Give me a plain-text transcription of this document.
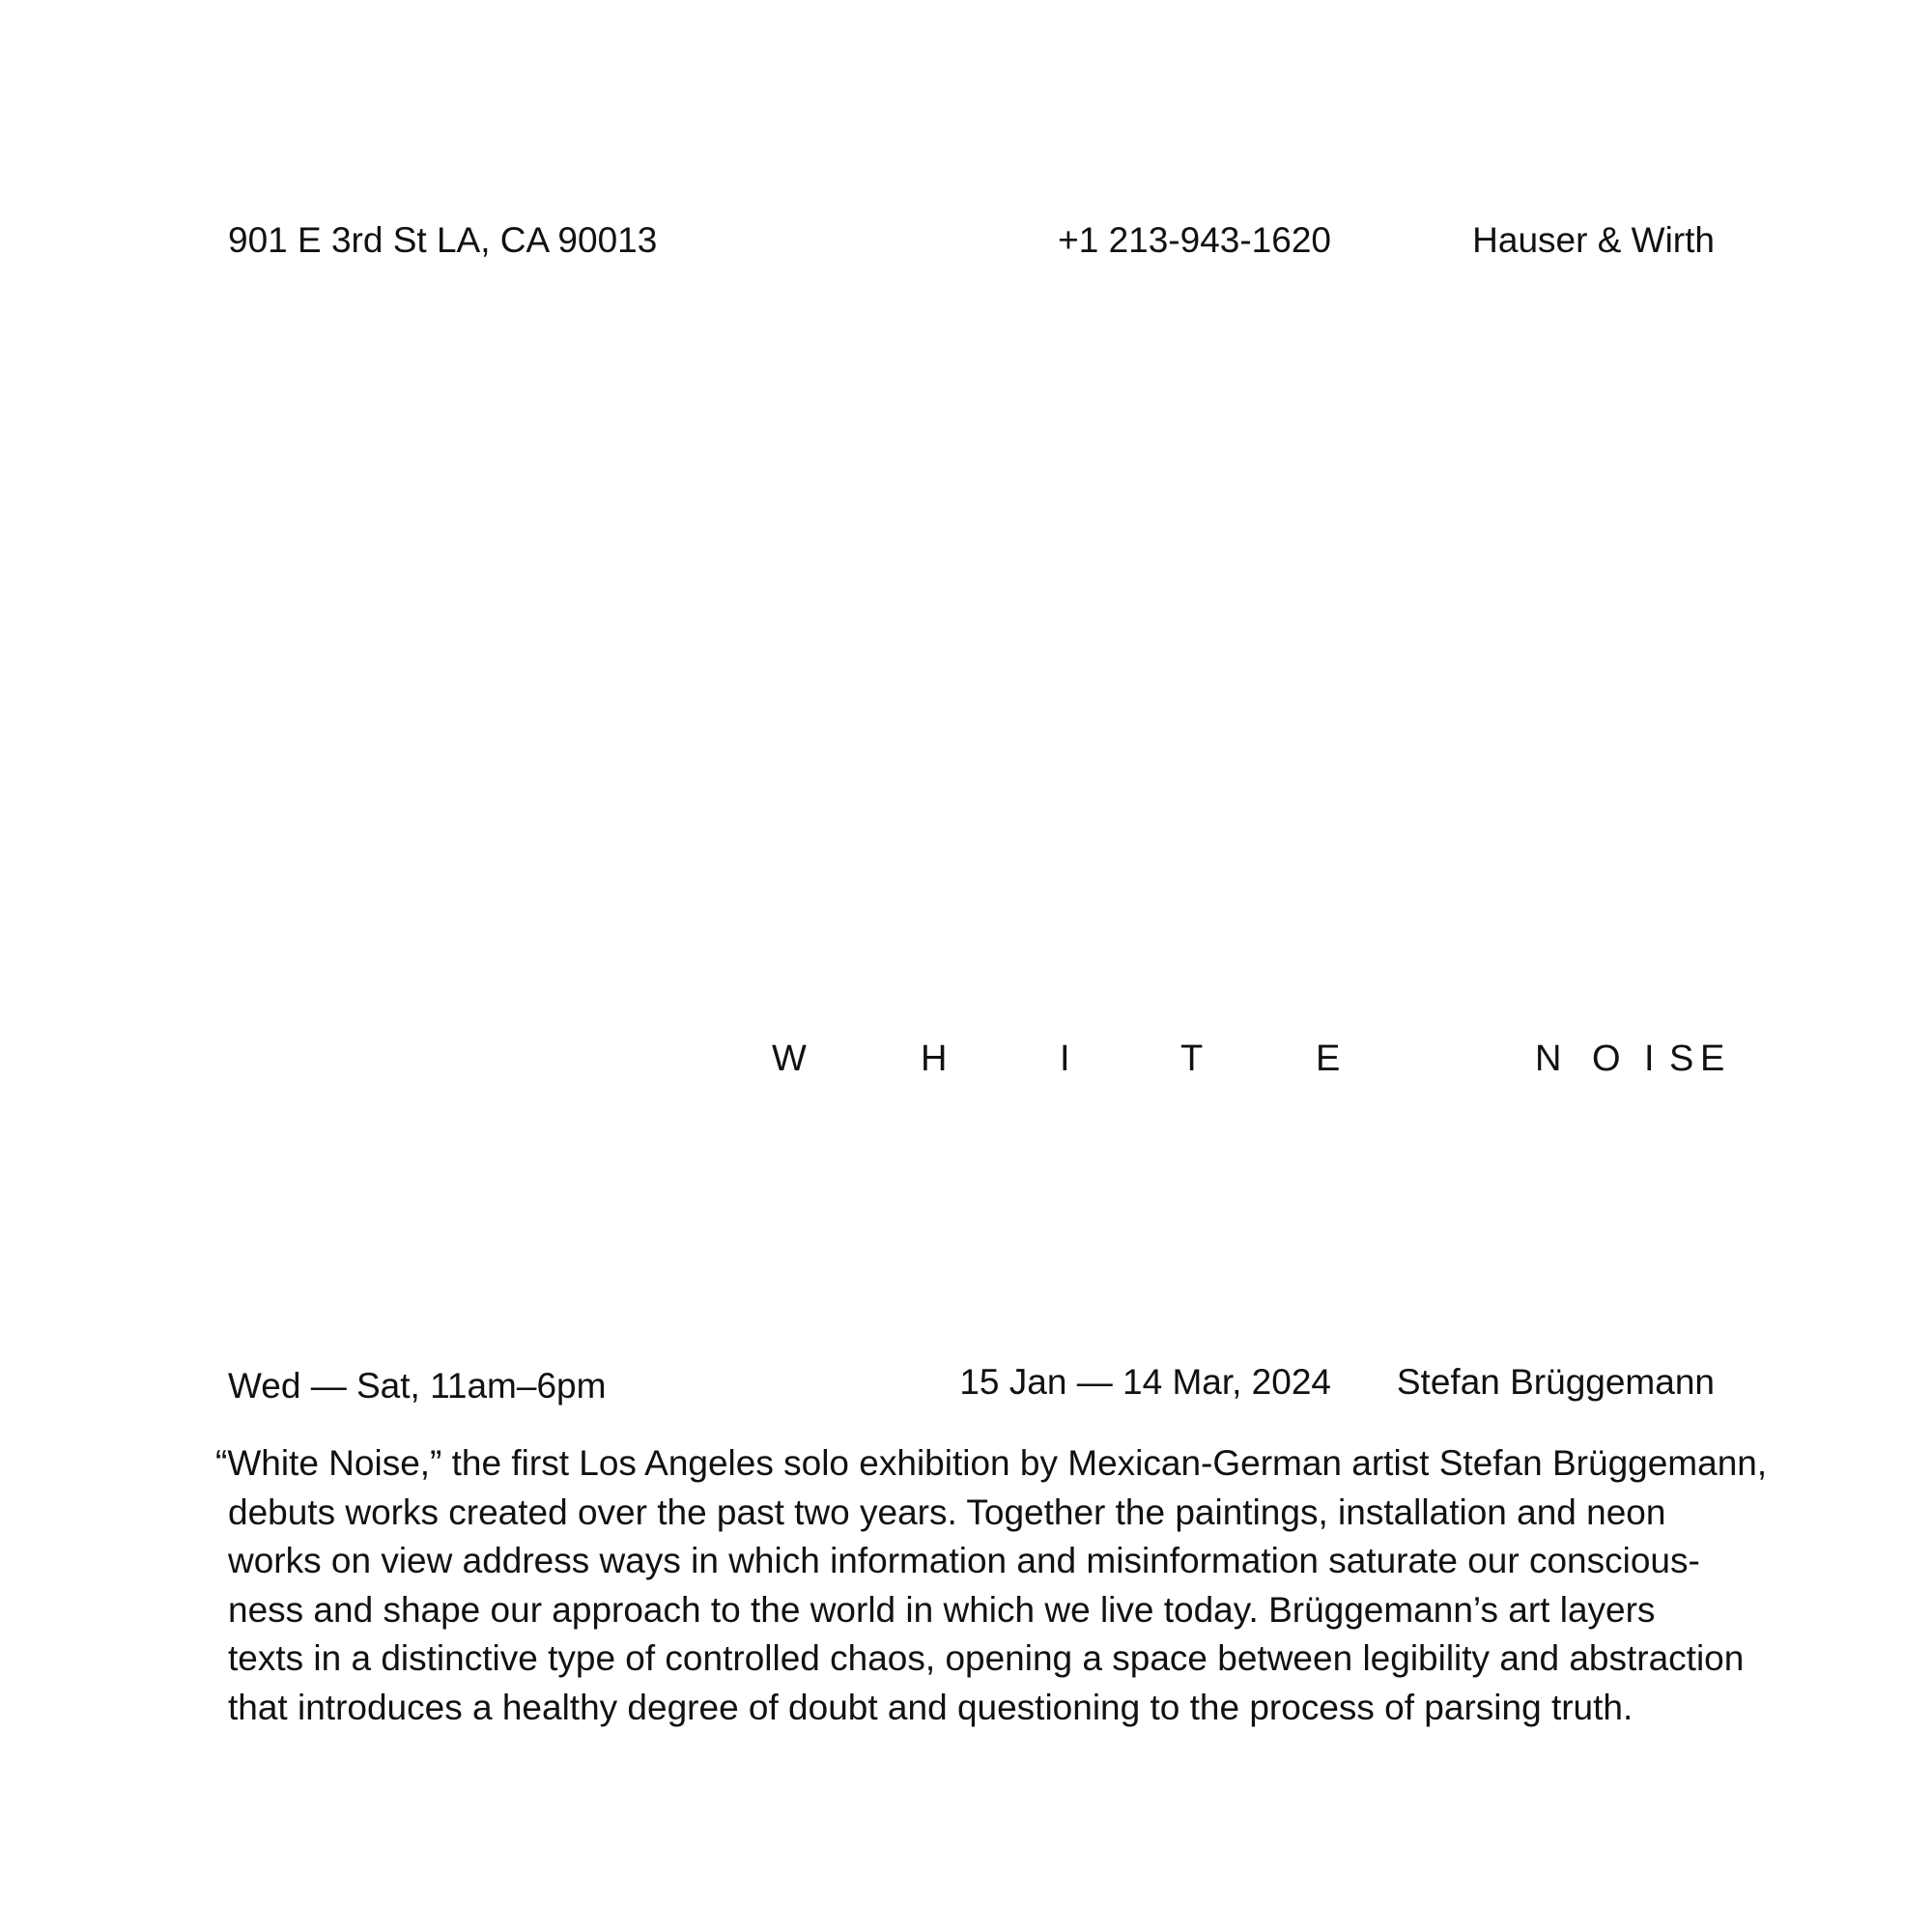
901 E 3rd St LA, CA 90013	+1 213-943-1620	Hauser & Wirth
W	H	I	T	E	N O I S E
Wed — Sat, 11am–6pm	15 Jan — 14 Mar, 2024 Stefan Brüggemann
“White Noise,” the first Los Angeles solo exhibition by Mexican-German artist Stefan Brüggemann,
debuts works created over the past two years. Together the paintings, installation and neon
works on view address ways in which information and misinformation saturate our conscious-
ness and shape our approach to the world in which we live today. Brüggemann’s art layers
texts in a distinctive type of controlled chaos, opening a space between legibility and abstraction
that introduces a healthy degree of doubt and questioning to the process of parsing truth.
